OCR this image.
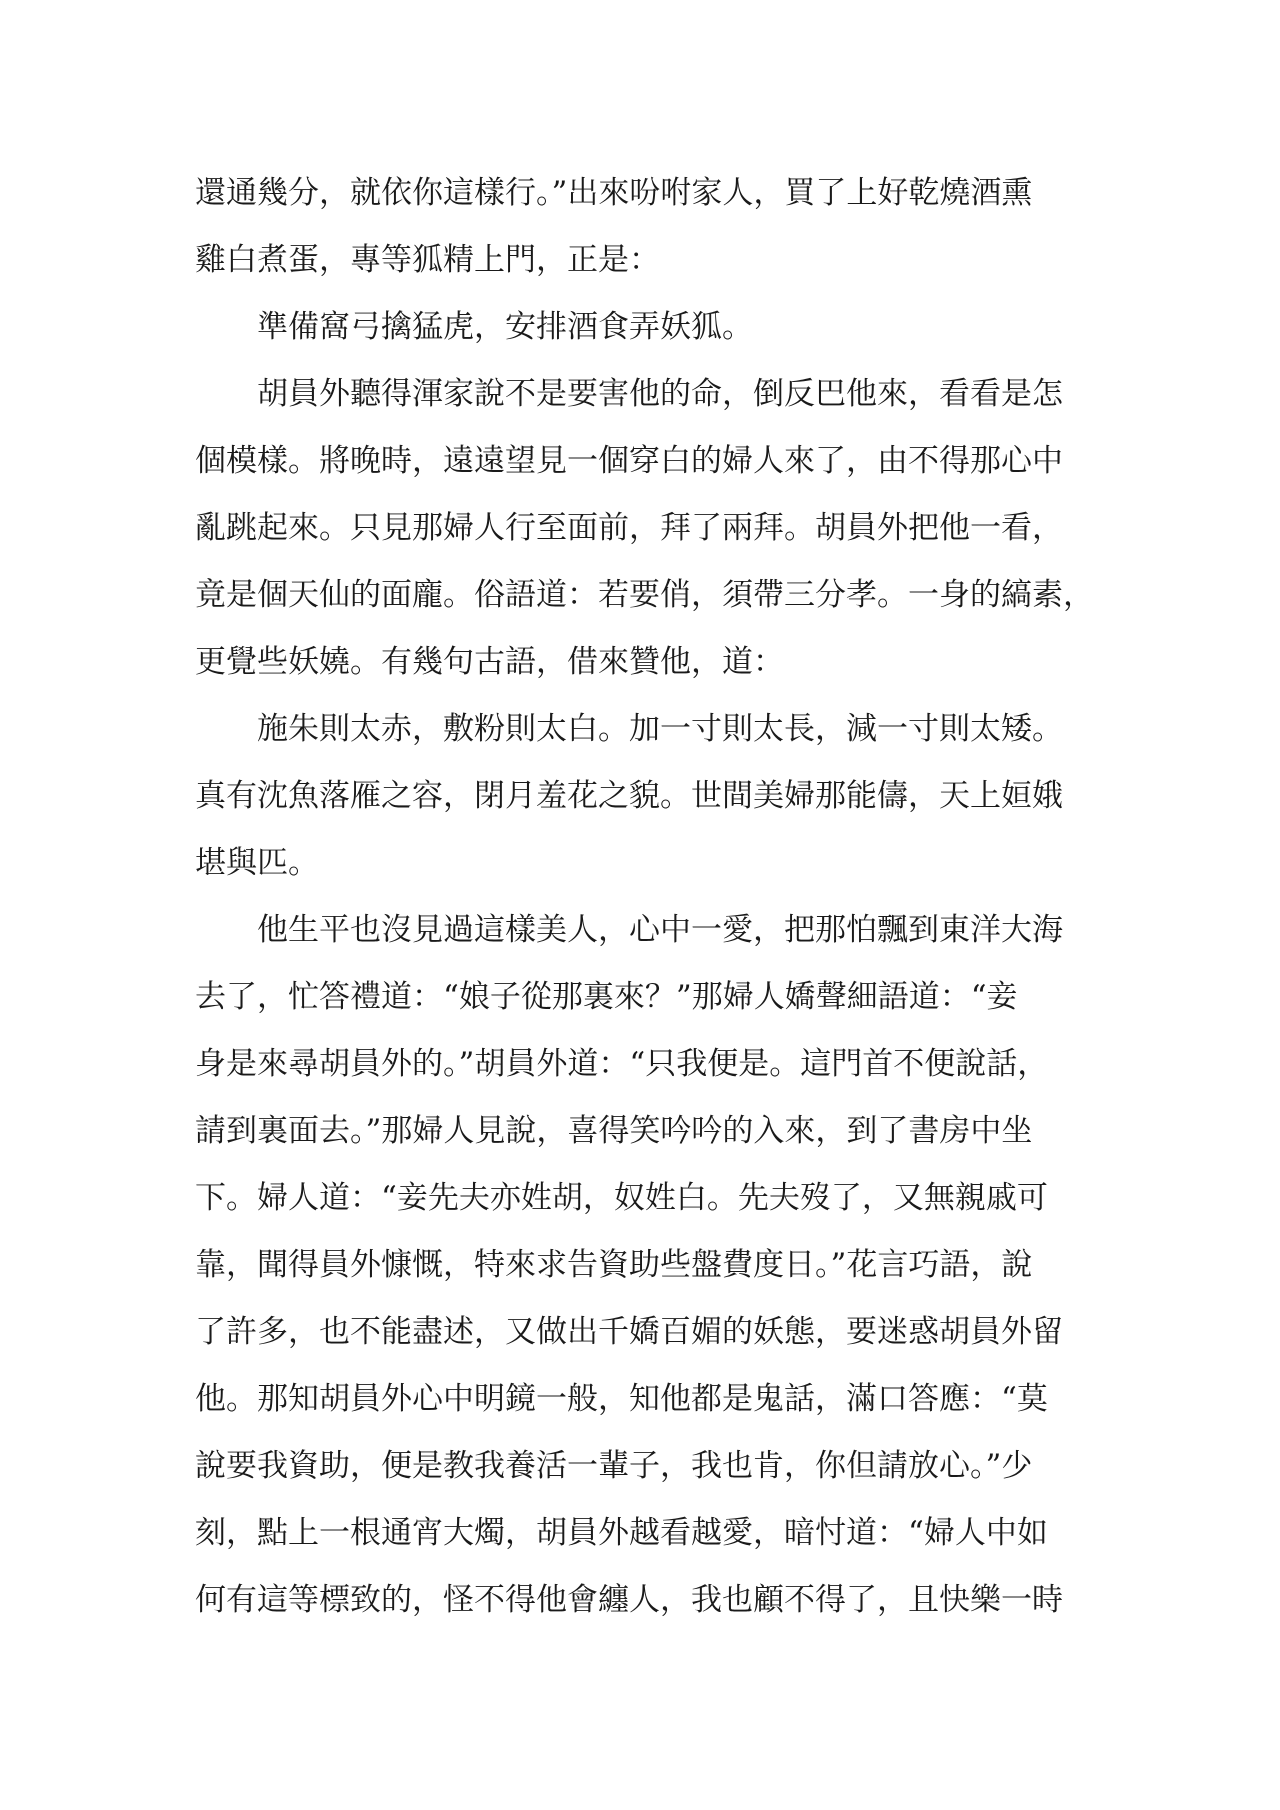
還通幾分，就依你這樣行。”出來吩咐家人，買了上好乾燒酒熏
雞白煮蛋，專等狐精上門，正是：
　　準備窩弓擒猛虎，安排酒食弄妖狐。
　　胡員外聽得渾家說不是要害他的命，倒反巴他來，看看是怎
個模樣。將晚時，遠遠望見一個穿白的婦人來了，由不得那心中
亂跳起來。只見那婦人行至面前，拜了兩拜。胡員外把他一看，
竟是個天仙的面龐。俗語道：若要俏，須帶三分孝。一身的縞素，
更覺些妖嬈。有幾句古語，借來贊他，道：
　　施朱則太赤，敷粉則太白。加一寸則太長，減一寸則太矮。
真有沈魚落雁之容，閉月羞花之貌。世間美婦那能儔，天上姮娥
堪與匹。
　　他生平也沒見過這樣美人，心中一愛，把那怕飄到東洋大海
去了，忙答禮道：“娘子從那裏來？”那婦人嬌聲細語道：“妾
身是來尋胡員外的。”胡員外道：“只我便是。這門首不便說話，
請到裏面去。”那婦人見說，喜得笑吟吟的入來，到了書房中坐
下。婦人道：“妾先夫亦姓胡，奴姓白。先夫歿了，又無親戚可
靠，聞得員外慷慨，特來求告資助些盤費度日。”花言巧語，說
了許多，也不能盡述，又做出千嬌百媚的妖態，要迷惑胡員外留
他。那知胡員外心中明鏡一般，知他都是鬼話，滿口答應：“莫
說要我資助，便是教我養活一輩子，我也肯，你但請放心。”少
刻，點上一根通宵大燭，胡員外越看越愛，暗忖道：“婦人中如
何有這等標致的，怪不得他會纏人，我也顧不得了，且快樂一時
